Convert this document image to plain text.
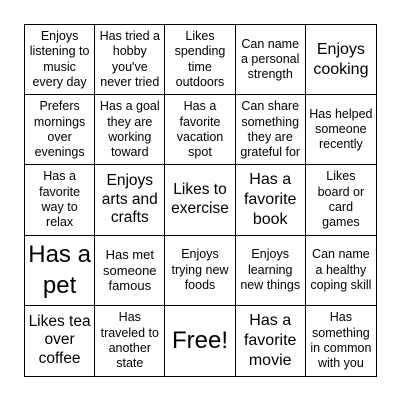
Enjoys listening to music every day
Has tried a hobby you've never tried
Likes spending time outdoors
Can name a personal strength
Enjoys cooking
Prefers mornings over evenings
Has a goal they are working toward
Has a favorite vacation spot
Can share something they are grateful for
Has helped someone recently
Has a favorite way to relax
Enjoys arts and crafts
Likes to exercise
Has a favorite book
Likes board or card games
Has a pet
Has met someone famous
Enjoys trying new foods
Enjoys learning new things
Can name a healthy coping skill
Likes tea over coffee
Has traveled to another state
Free!
Has a favorite movie
Has something in common with you
